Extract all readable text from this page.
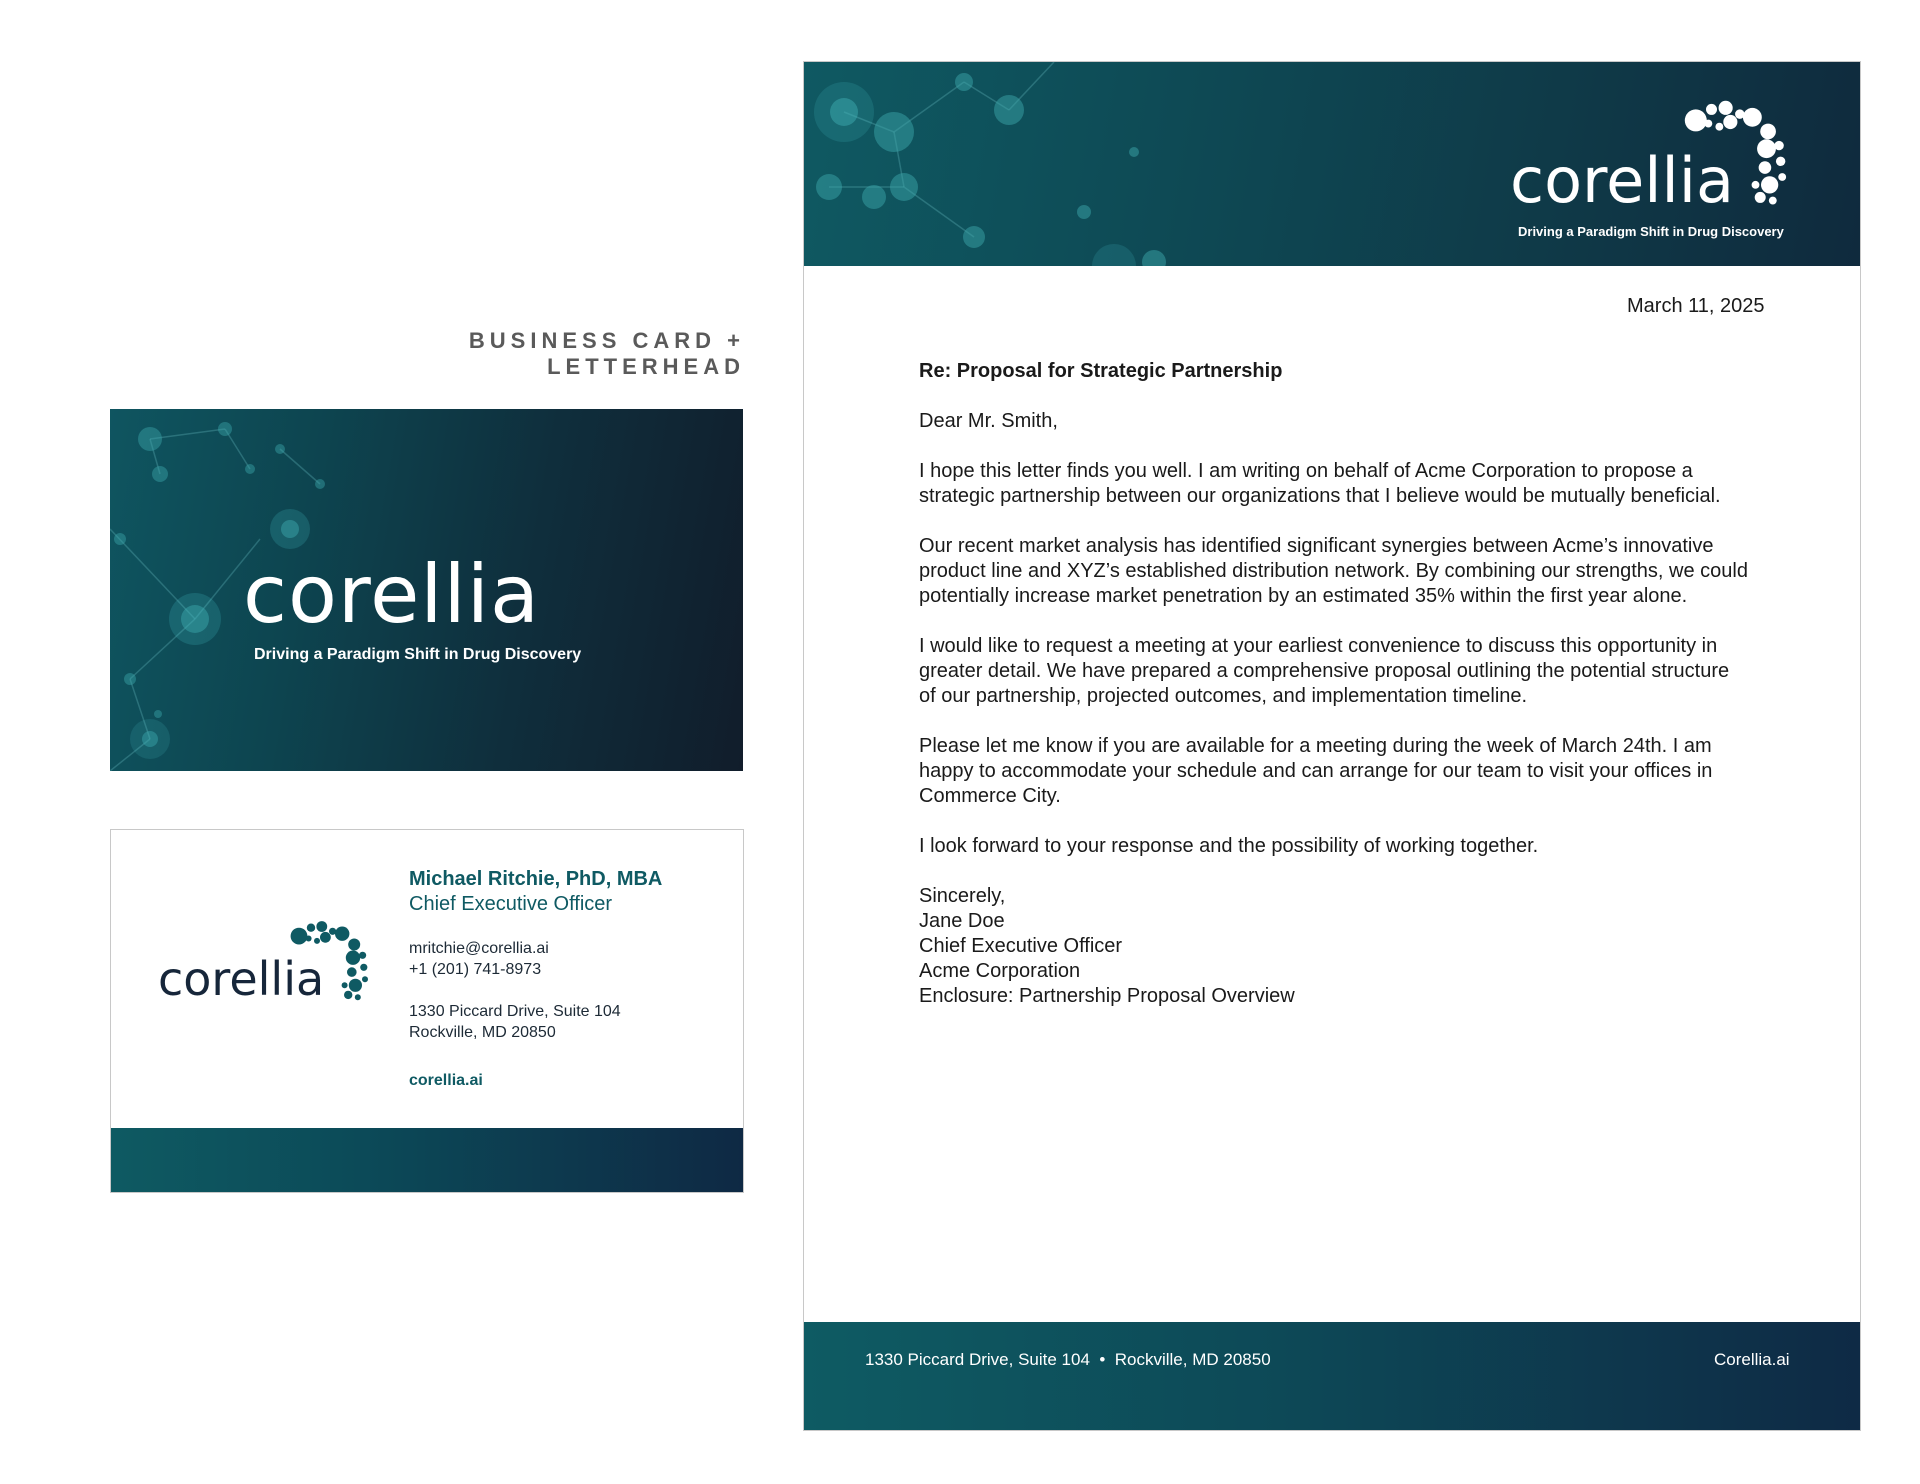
BUSINESS CARD + LETTERHEAD
corellia
Driving a Paradigm Shift in Drug Discovery
corellia
Michael Ritchie, PhD, MBA
Chief Executive Officer
mritchie@corellia.ai
+1 (201) 741-8973
1330 Piccard Drive, Suite 104
Rockville, MD 20850
corellia.ai
corellia
Driving a Paradigm Shift in Drug Discovery
March 11, 2025

Re: Proposal for Strategic Partnership

Dear Mr. Smith,

I hope this letter finds you well. I am writing on behalf of Acme Corporation to propose a strategic partnership between our organizations that I believe would be mutually beneficial.

Our recent market analysis has identified significant synergies between Acme’s innovative product line and XYZ’s established distribution network. By combining our strengths, we could potentially increase market penetration by an estimated 35% within the first year alone.

I would like to request a meeting at your earliest convenience to discuss this opportunity in greater detail. We have prepared a comprehensive proposal outlining the potential structure of our partnership, projected outcomes, and implementation timeline.

Please let me know if you are available for a meeting during the week of March 24th. I am happy to accommodate your schedule and can arrange for our team to visit your offices in Commerce City.

I look forward to your response and the possibility of working together.

Sincerely,
Jane Doe
Chief Executive Officer
Acme Corporation
Enclosure: Partnership Proposal Overview
1330 Piccard Drive, Suite 104  •  Rockville, MD 20850	Corellia.ai
